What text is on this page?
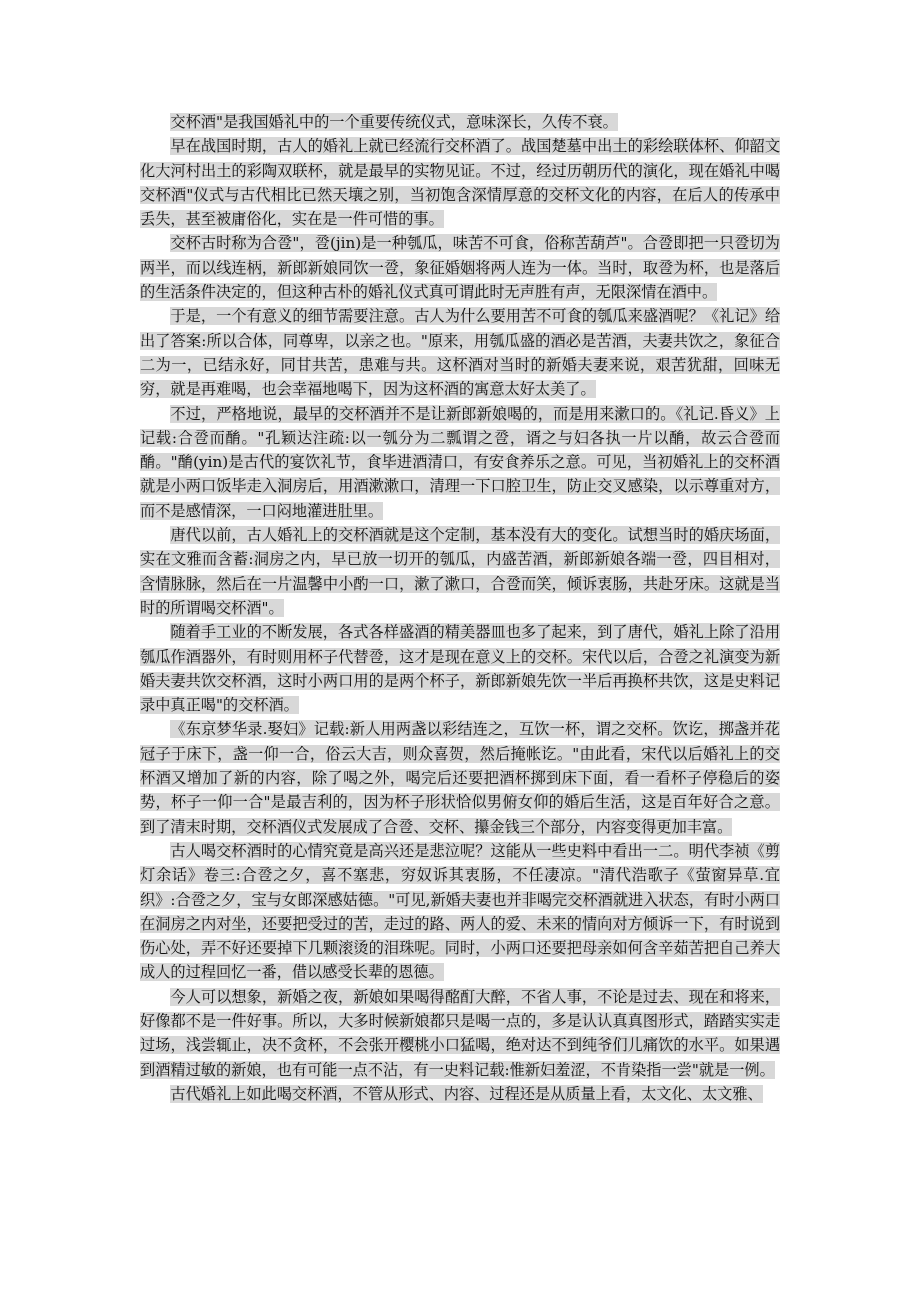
交杯酒"是我国婚礼中的一个重要传统仪式，意味深长，久传不衰。

早在战国时期，古人的婚礼上就已经流行交杯酒了。战国楚墓中出土的彩绘联体杯、仰韶文化大河村出土的彩陶双联杯，就是最早的实物见证。不过，经过历朝历代的演化，现在婚礼中喝交杯酒"仪式与古代相比已然天壤之别，当初饱含深情厚意的交杯文化的内容，在后人的传承中丢失，甚至被庸俗化，实在是一件可惜的事。

交杯古时称为合卺"，卺(jin)是一种瓠瓜，味苦不可食，俗称苦葫芦"。合卺即把一只卺切为两半，而以线连柄，新郎新娘同饮一卺，象征婚姻将两人连为一体。当时，取卺为杯，也是落后的生活条件决定的，但这种古朴的婚礼仪式真可谓此时无声胜有声，无限深情在酒中。

于是，一个有意义的细节需要注意。古人为什么要用苦不可食的瓠瓜来盛酒呢？《礼记》给出了答案:所以合体，同尊卑，以亲之也。"原来，用瓠瓜盛的酒必是苦酒，夫妻共饮之，象征合二为一，已结永好，同甘共苦，患难与共。这杯酒对当时的新婚夫妻来说，艰苦犹甜，回味无穷，就是再难喝，也会幸福地喝下，因为这杯酒的寓意太好太美了。

不过，严格地说，最早的交杯酒并不是让新郎新娘喝的，而是用来漱口的。《礼记.昏义》上记载:合卺而酳。"孔颖达注疏:以一瓠分为二瓢谓之卺，谞之与妇各执一片以酳，故云合卺而酳。"酳(yin)是古代的宴饮礼节，食毕进酒清口，有安食养乐之意。可见，当初婚礼上的交杯酒就是小两口饭毕走入洞房后，用酒漱漱口，清理一下口腔卫生，防止交叉感染，以示尊重对方，而不是感情深，一口闷地灌进肚里。

唐代以前，古人婚礼上的交杯酒就是这个定制，基本没有大的变化。试想当时的婚庆场面，实在文雅而含蓄:洞房之内，早已放一切开的瓠瓜，内盛苦酒，新郎新娘各端一卺，四目相对，含情脉脉，然后在一片温馨中小酌一口，漱了漱口，合卺而笑，倾诉衷肠，共赴牙床。这就是当时的所谓喝交杯酒"。

随着手工业的不断发展，各式各样盛酒的精美器皿也多了起来，到了唐代，婚礼上除了沿用瓠瓜作酒器外，有时则用杯子代替卺，这才是现在意义上的交杯。宋代以后，合卺之礼演变为新婚夫妻共饮交杯酒，这时小两口用的是两个杯子，新郎新娘先饮一半后再换杯共饮，这是史料记录中真正喝"的交杯酒。

《东京梦华录.娶妇》记载:新人用两盏以彩结连之，互饮一杯，谓之交杯。饮讫，掷盏并花冠子于床下，盏一仰一合，俗云大吉，则众喜贺，然后掩帐讫。"由此看，宋代以后婚礼上的交杯酒又增加了新的内容，除了喝之外，喝完后还要把酒杯掷到床下面，看一看杯子停稳后的姿势，杯子一仰一合"是最吉利的，因为杯子形状恰似男俯女仰的婚后生活，这是百年好合之意。到了清末时期，交杯酒仪式发展成了合卺、交杯、攥金钱三个部分，内容变得更加丰富。

古人喝交杯酒时的心情究竟是高兴还是悲泣呢？这能从一些史料中看出一二。明代李祯《剪灯余话》卷三:合卺之夕，喜不塞悲，穷奴诉其衷肠，不任凄凉。"清代浩歌子《萤窗异草.宜织》:合卺之夕，宝与女郎深感姑德。"可见,新婚夫妻也并非喝完交杯酒就进入状态，有时小两口在洞房之内对坐，还要把受过的苦，走过的路、两人的爱、未来的情向对方倾诉一下，有时说到伤心处，弄不好还要掉下几颗滚烫的泪珠呢。同时，小两口还要把母亲如何含辛茹苦把自己养大成人的过程回忆一番，借以感受长辈的恩德。

今人可以想象，新婚之夜，新娘如果喝得酩酊大醉，不省人事，不论是过去、现在和将来，好像都不是一件好事。所以，大多时候新娘都只是喝一点的，多是认认真真图形式，踏踏实实走过场，浅尝辄止，决不贪杯，不会张开樱桃小口猛喝，绝对达不到纯爷们儿痛饮的水平。如果遇到酒精过敏的新娘，也有可能一点不沾，有一史料记载:惟新妇羞涩，不肯染指一尝"就是一例。

古代婚礼上如此喝交杯酒，不管从形式、内容、过程还是从质量上看，太文化、太文雅、
